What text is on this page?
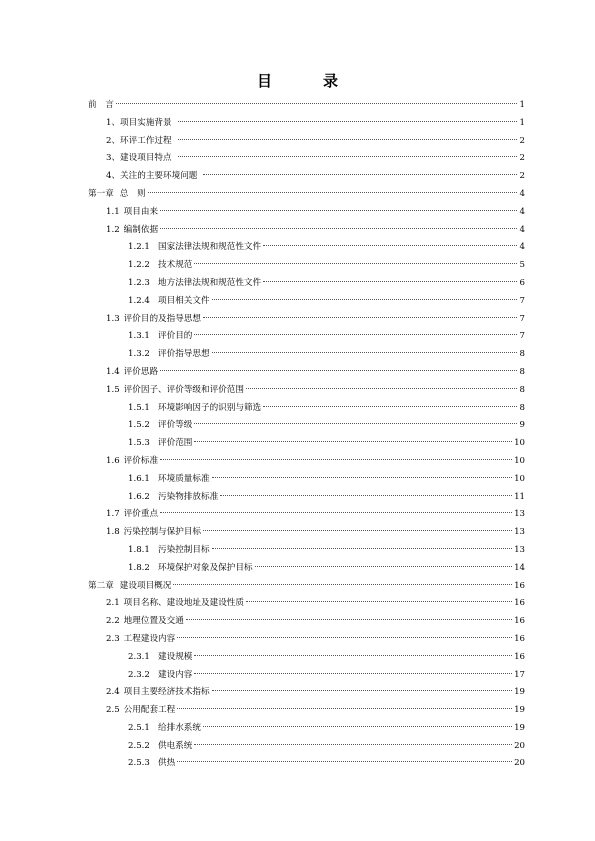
目　录
前　言	1
1、项目实施背景	1
2、环评工作过程	2
3、建设项目特点	2
4、关注的主要环境问题	2
第一章 总　则	4
1.1 项目由来	4
1.2 编制依据	4
1.2.1 国家法律法规和规范性文件	4
1.2.2 技术规范	5
1.2.3 地方法律法规和规范性文件	6
1.2.4 项目相关文件	7
1.3 评价目的及指导思想	7
1.3.1 评价目的	7
1.3.2 评价指导思想	8
1.4 评价思路	8
1.5 评价因子、评价等级和评价范围	8
1.5.1 环境影响因子的识别与筛选	8
1.5.2 评价等级	9
1.5.3 评价范围	10
1.6 评价标准	10
1.6.1 环境质量标准	10
1.6.2 污染物排放标准	11
1.7 评价重点	13
1.8 污染控制与保护目标	13
1.8.1 污染控制目标	13
1.8.2 环境保护对象及保护目标	14
第二章 建设项目概况	16
2.1 项目名称、建设地址及建设性质	16
2.2 地理位置及交通	16
2.3 工程建设内容	16
2.3.1 建设规模	16
2.3.2 建设内容	17
2.4 项目主要经济技术指标	19
2.5 公用配套工程	19
2.5.1 给排水系统	19
2.5.2 供电系统	20
2.5.3 供热	20
